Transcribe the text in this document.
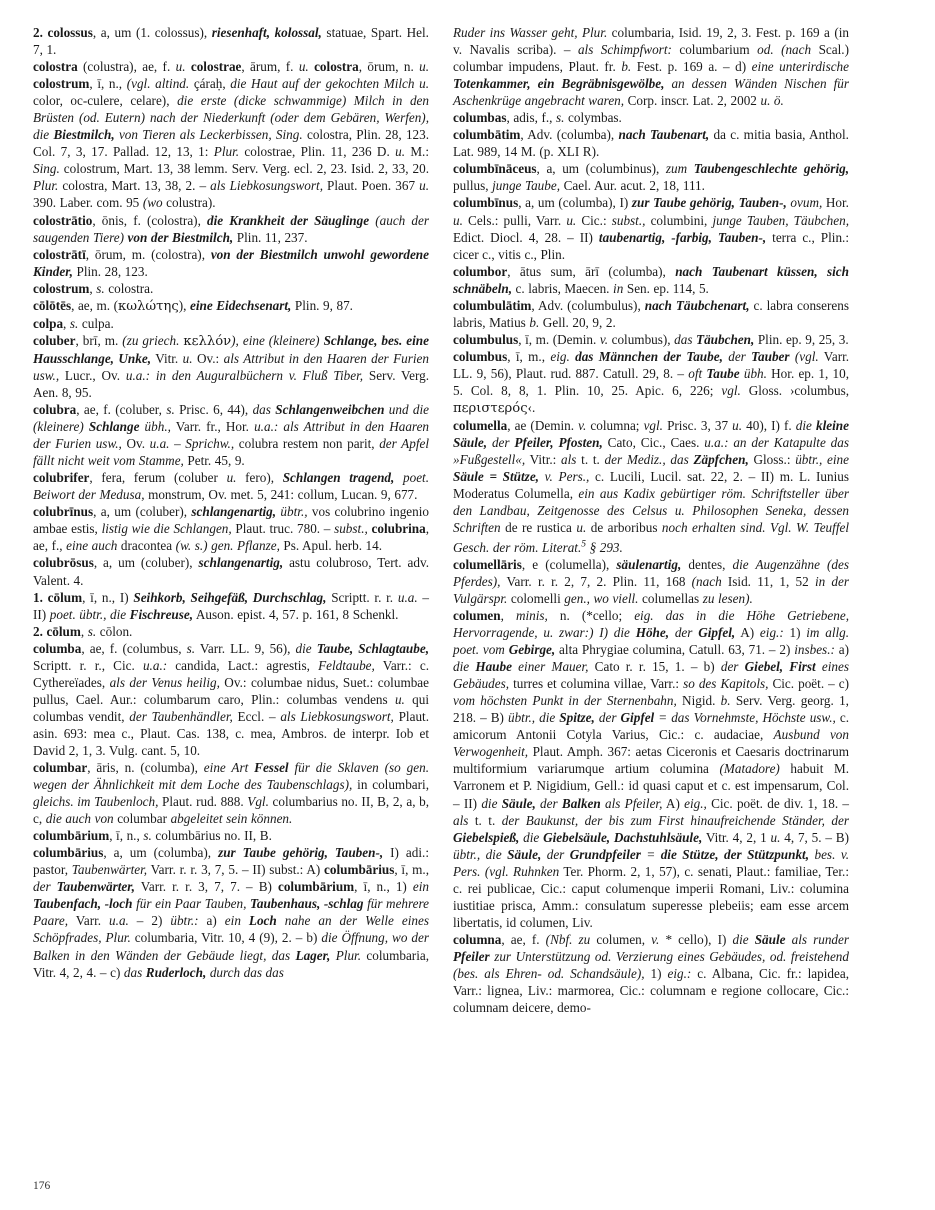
2. colossus, a, um (1. colossus), riesenhaft, kolossal, statuae, Spart. Hel. 7, 1.

colostra (colustra), ae, f. u. colostrae, ārum, f. u. colostra, ōrum, n. u. colostrum, ī, n., (vgl. altind. çáraḥ, die Haut auf der gekochten Milch u. color, oc-culere, celare), die erste (dicke schwammige) Milch in den Brüsten (od. Eutern) nach der Niederkunft (oder dem Gebären, Werfen), die Biestmilch, von Tieren als Leckerbissen, Sing. colostra, Plin. 28, 123. Col. 7, 3, 17. Pallad. 12, 13, 1: Plur. colostrae, Plin. 11, 236 D. u. M.: Sing. colostrum, Mart. 13, 38 lemm. Serv. Verg. ecl. 2, 23. Isid. 2, 33, 20. Plur. colostra, Mart. 13, 38, 2. – als Liebkosungswort, Plaut. Poen. 367 u. 390. Laber. com. 95 (wo colustra).

colostrātio, ōnis, f. (colostra), die Krankheit der Säuglinge (auch der saugenden Tiere) von der Biestmilch, Plin. 11, 237.

colostrātī, ōrum, m. (colostra), von der Biestmilch unwohl gewordene Kinder, Plin. 28, 123.

colostrum, s. colostra.

cōlōtēs, ae, m. (κωλώτης), eine Eidechsenart, Plin. 9, 87.

colpa, s. culpa.

coluber, brī, m. (zu griech. κελλόν), eine (kleinere) Schlange, bes. eine Hausschlange, Unke, Vitr. u. Ov.: als Attribut in den Haaren der Furien usw., Lucr., Ov. u.a.: in den Auguralbüchern v. Fluß Tiber, Serv. Verg. Aen. 8, 95.

colubra, ae, f. (coluber, s. Prisc. 6, 44), das Schlangenweibchen und die (kleinere) Schlange übh., Varr. fr., Hor. u.a.: als Attribut in den Haaren der Furien usw., Ov. u.a. – Sprichw., colubra restem non parit, der Apfel fällt nicht weit vom Stamme, Petr. 45, 9.

colubrifer, fera, ferum (coluber u. fero), Schlangen tragend, poet. Beiwort der Medusa, monstrum, Ov. met. 5, 241: collum, Lucan. 9, 677.

colubrīnus, a, um (coluber), schlangenartig, übtr., vos colubrino ingenio ambae estis, listig wie die Schlangen, Plaut. truc. 780. – subst., colubrina, ae, f., eine auch dracontea (w. s.) gen. Pflanze, Ps. Apul. herb. 14.

colubrōsus, a, um (coluber), schlangenartig, astu colubroso, Tert. adv. Valent. 4.

1. cōlum, ī, n., I) Seihkorb, Seihgefäß, Durchschlag, Scriptt. r. r. u.a. – II) poet. übtr., die Fischreuse, Auson. epist. 4, 57. p. 161, 8 Schenkl.

2. cōlum, s. cōlon.

columba, ae, f. (columbus, s. Varr. LL. 9, 56), die Taube, Schlagtaube, Scriptt. r. r., Cic. u.a.: candida, Lact.: agrestis, Feldtaube, Varr.: c. Cythereïades, als der Venus heilig, Ov.: columbae nidus, Suet.: columbae pullus, Cael. Aur.: columbarum caro, Plin.: columbas vendens u. qui columbas vendit, der Taubenhändler, Eccl. – als Liebkosungswort, Plaut. asin. 693: mea c., Plaut. Cas. 138, c. mea, Ambros. de interpr. Iob et David 2, 1, 3. Vulg. cant. 5, 10.

columbar, āris, n. (columba), eine Art Fessel für die Sklaven (so gen. wegen der Ähnlichkeit mit dem Loche des Taubenschlags), in columbari, gleichs. im Taubenloch, Plaut. rud. 888. Vgl. columbarius no. II, B, 2, a, b, c, die auch von columbar abgeleitet sein können.

columbārium, ī, n., s. columbārius no. II, B.

columbārius, a, um (columba), zur Taube gehörig, Tauben-, I) adi.: pastor, Taubenwärter, Varr. r. r. 3, 7, 5. – II) subst.: A) columbārius, ī, m., der Taubenwärter, Varr. r. r. 3, 7, 7. – B) columbārium, ī, n., 1) ein Taubenfach, -loch für ein Paar Tauben, Taubenhaus, -schlag für mehrere Paare, Varr. u.a. – 2) übtr.: a) ein Loch nahe an der Welle eines Schöpfrades, Plur. columbaria, Vitr. 10, 4 (9), 2. – b) die Öffnung, wo der Balken in den Wänden der Gebäude liegt, das Lager, Plur. columbaria, Vitr. 4, 2, 4. – c) das Ruderloch, durch das das

Ruder ins Wasser geht, Plur. columbaria, Isid. 19, 2, 3. Fest. p. 169 a (in v. Navalis scriba). – als Schimpfwort: columbarium od. (nach Scal.) columbar impudens, Plaut. fr. b. Fest. p. 169 a. – d) eine unterirdische Totenkammer, ein Begräbnisgewölbe, an dessen Wänden Nischen für Aschenkrüge angebracht waren, Corp. inscr. Lat. 2, 2002 u. ö.

columbas, adis, f., s. colymbas.

columbātim, Adv. (columba), nach Taubenart, da c. mitia basia, Anthol. Lat. 989, 14 M. (p. XLI R).

columbīnāceus, a, um (columbinus), zum Taubengeschlechte gehörig, pullus, junge Taube, Cael. Aur. acut. 2, 18, 111.

columbīnus, a, um (columba), I) zur Taube gehörig, Tauben-, ovum, Hor. u. Cels.: pulli, Varr. u. Cic.: subst., columbini, junge Tauben, Täubchen, Edict. Diocl. 4, 28. – II) taubenartig, -farbig, Tauben-, terra c., Plin.: cicer c., vitis c., Plin.

columbor, ātus sum, ārī (columba), nach Taubenart küssen, sich schnäbeln, c. labris, Maecen. in Sen. ep. 114, 5.

columbulātim, Adv. (columbulus), nach Täubchenart, c. labra conserens labris, Matius b. Gell. 20, 9, 2.

columbulus, ī, m. (Demin. v. columbus), das Täubchen, Plin. ep. 9, 25, 3.

columbus, ī, m., eig. das Männchen der Taube, der Tauber (vgl. Varr. LL. 9, 56), Plaut. rud. 887. Catull. 29, 8. – oft Taube übh. Hor. ep. 1, 10, 5. Col. 8, 8, 1. Plin. 10, 25. Apic. 6, 226; vgl. Gloss. ›columbus, περιστερός‹.

columella, ae (Demin. v. columna; vgl. Prisc. 3, 37 u. 40), I) f. die kleine Säule, der Pfeiler, Pfosten, Cato, Cic., Caes. u.a.: an der Katapulte das »Fußgestell«, Vitr.: als t. t. der Mediz., das Zäpfchen, Gloss.: übtr., eine Säule = Stütze, v. Pers., c. Lucili, Lucil. sat. 22, 2. – II) m. L. Iunius Moderatus Columella, ein aus Kadix gebürtiger röm. Schriftsteller über den Landbau, Zeitgenosse des Celsus u. Philosophen Seneka, dessen Schriften de re rustica u. de arboribus noch erhalten sind. Vgl. W. Teuffel Gesch. der röm. Literat.$^5$ § 293.

columellāris, e (columella), säulenartig, dentes, die Augenzähne (des Pferdes), Varr. r. r. 2, 7, 2. Plin. 11, 168 (nach Isid. 11, 1, 52 in der Vulgärspr. colomelli gen., wo viell. columellas zu lesen).

columen, minis, n. (*cello; eig. das in die Höhe Getriebene, Hervorragende, u. zwar:) I) die Höhe, der Gipfel, A) eig.: 1) im allg. poet. vom Gebirge, alta Phrygiae columina, Catull. 63, 71. – 2) insbes.: a) die Haube einer Mauer, Cato r. r. 15, 1. – b) der Giebel, First eines Gebäudes, turres et columina villae, Varr.: so des Kapitols, Cic. poët. – c) vom höchsten Punkt in der Sternenbahn, Nigid. b. Serv. Verg. georg. 1, 218. – B) übtr., die Spitze, der Gipfel = das Vornehmste, Höchste usw., c. amicorum Antonii Cotyla Varius, Cic.: c. audaciae, Ausbund von Verwogenheit, Plaut. Amph. 367: aetas Ciceronis et Caesaris doctrinarum multiformium variarumque artium columina (Matadore) habuit M. Varronem et P. Nigidium, Gell.: id quasi caput et c. est impensarum, Col. – II) die Säule, der Balken als Pfeiler, A) eig., Cic. poët. de div. 1, 18. – als t. t. der Baukunst, der bis zum First hinaufreichende Ständer, der Giebelspieß, die Giebelsäule, Dachstuhlsäule, Vitr. 4, 2, 1 u. 4, 7, 5. – B) übtr., die Säule, der Grundpfeiler = die Stütze, der Stützpunkt, bes. v. Pers. (vgl. Ruhnken Ter. Phorm. 2, 1, 57), c. senati, Plaut.: familiae, Ter.: c. rei publicae, Cic.: caput columenque imperii Romani, Liv.: columina iustitiae prisca, Amm.: consulatum superesse plebeiis; eam esse arcem libertatis, id columen, Liv.

columna, ae, f. (Nbf. zu columen, v. * cello), I) die Säule als runder Pfeiler zur Unterstützung od. Verzierung eines Gebäudes, od. freistehend (bes. als Ehren- od. Schandsäule), 1) eig.: c. Albana, Cic. fr.: lapidea, Varr.: lignea, Liv.: marmorea, Cic.: columnam e regione collocare, Cic.: columnam deicere, demo-

176
